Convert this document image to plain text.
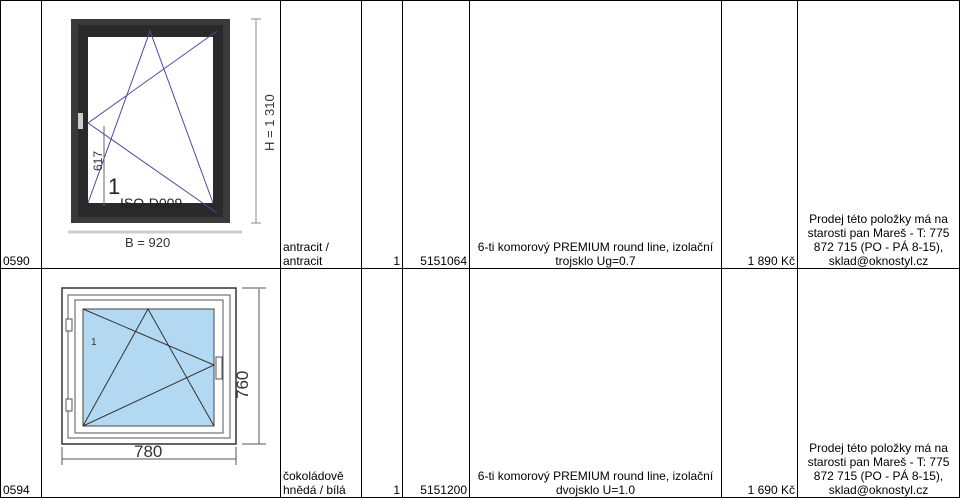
0590	617
1
ISO-D009
H = 1 310
B = 920	antracit / antracit	1	5151064	6-ti komorový PREMIUM round line, izolační trojsklo Ug=0.7	1 890 Kč	Prodej této položky má na starosti pan Mareš - T: 775 872 715 (PO - PÁ 8-15), sklad@oknostyl.cz
0594	1
760
780	čokoládově hnědá / bílá	1	5151200	6-ti komorový PREMIUM round line, izolační dvojsklo U=1.0	1 690 Kč	Prodej této položky má na starosti pan Mareš - T: 775 872 715 (PO - PÁ 8-15), sklad@oknostyl.cz
